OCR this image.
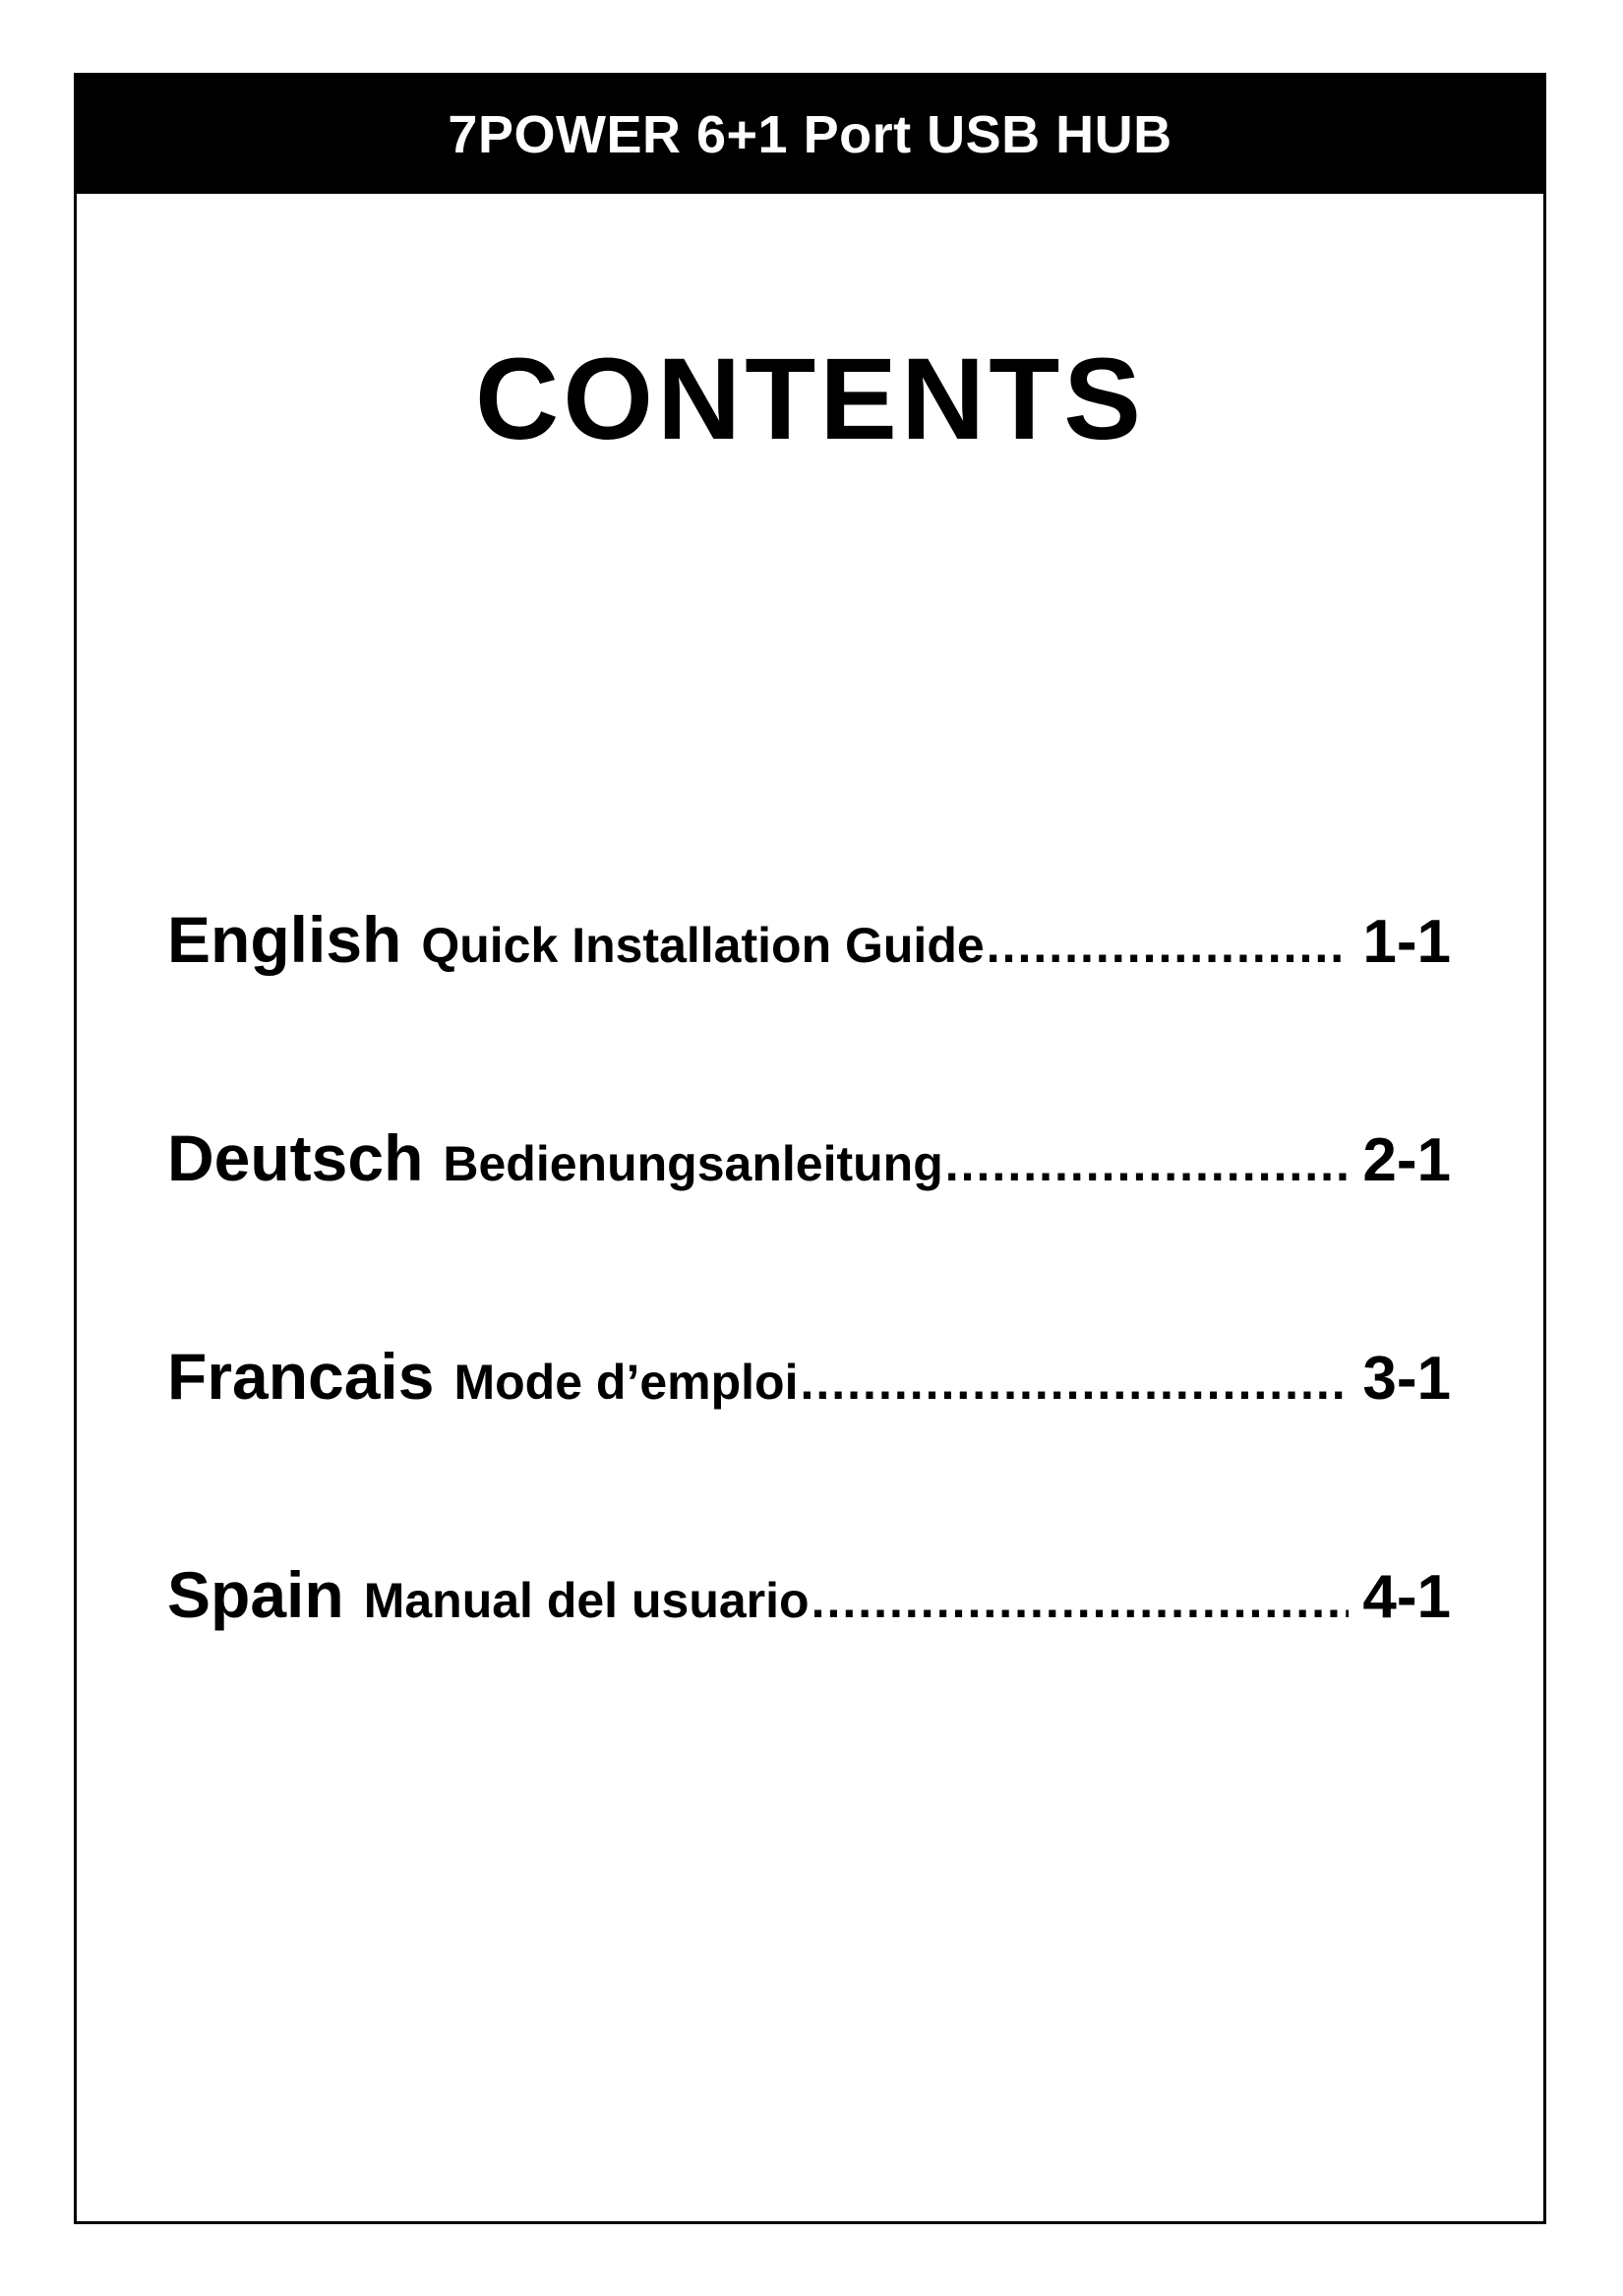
7POWER 6+1 Port USB HUB
CONTENTS
English Quick Installation Guide .....	1-1
Deutsch Bedienungsanleitung .....	2-1
Francais Mode d’emploi .....	3-1
Spain Manual del usuario .....	4-1
